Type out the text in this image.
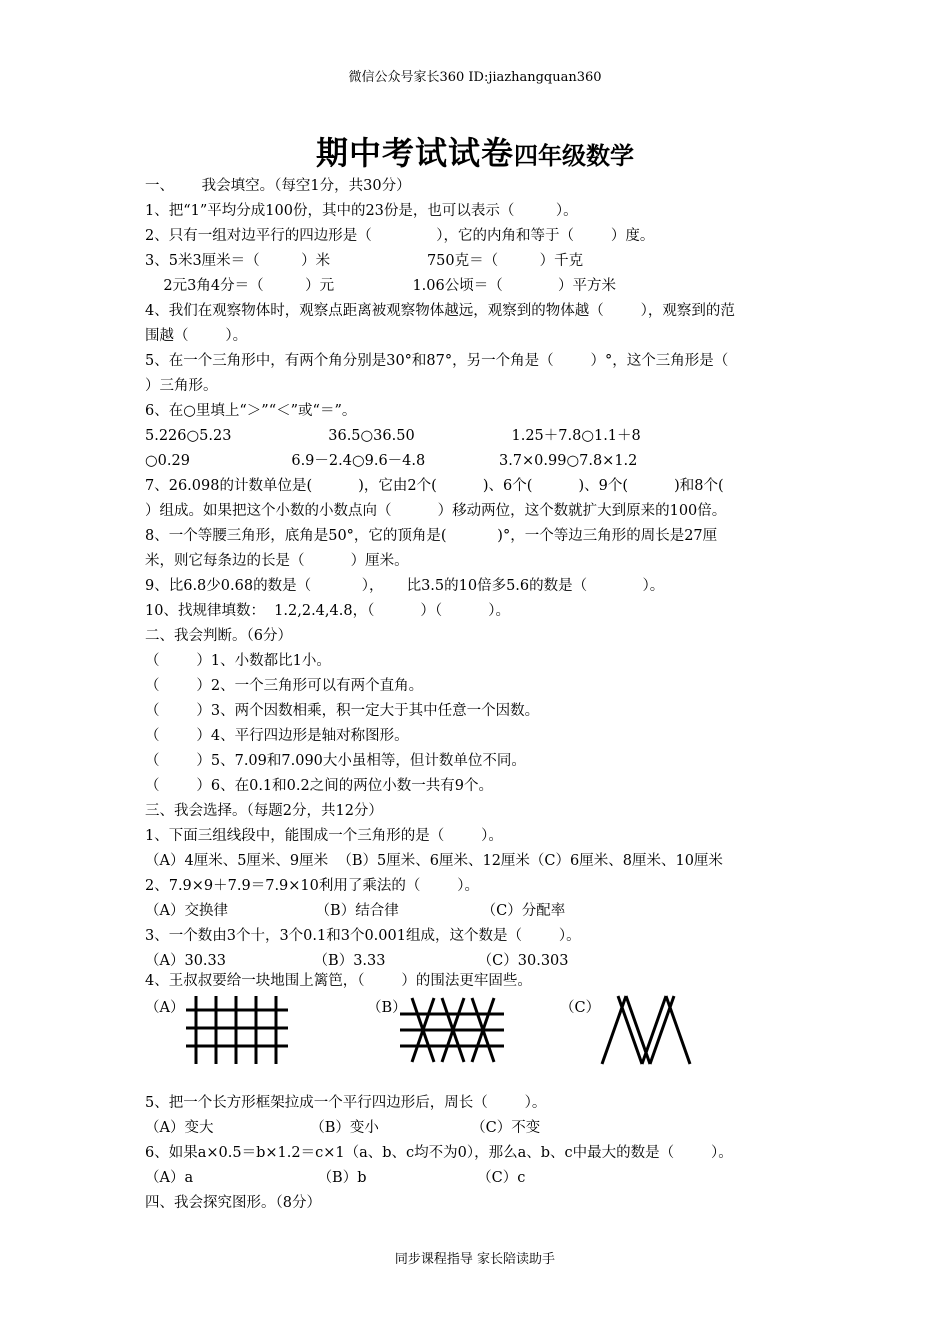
微信公众号家长360 ID:jiazhangquan360
期中考试试卷四年级数学
一、      我会填空。（每空1分，共30分）
1、把“1”平均分成100份，其中的23份是，也可以表示（         ）。
2、只有一组对边平行的四边形是（              ），它的内角和等于（        ）度。
3、5米3厘米＝（         ）米                     750克＝（         ）千克
2元3角4分＝（         ）元                 1.06公顷＝（            ）平方米
4、我们在观察物体时，观察点距离被观察物体越远，观察到的物体越（        ），观察到的范
围越（        ）。
5、在一个三角形中，有两个角分别是30°和87°，另一个角是（        ）°，这个三角形是（
）三角形。
6、在○里填上“＞”“＜”或“＝”。
5.226○5.23                     36.5○36.50                     1.25＋7.8○1.1＋8
○0.29                      6.9－2.4○9.6－4.8                3.7×0.99○7.8×1.2
7、26.098的计数单位是(          )，它由2个(          )、6个(          )、9个(          )和8个(
）组成。如果把这个小数的小数点向（          ）移动两位，这个数就扩大到原来的100倍。
8、一个等腰三角形，底角是50°，它的顶角是(           )°，一个等边三角形的周长是27厘
米，则它每条边的长是（          ）厘米。
9、比6.8少0.68的数是（           ），     比3.5的10倍多5.6的数是（            ）。
10、找规律填数：  1.2,2.4,4.8，（          ）（          ）。
二、我会判断。（6分）
（        ）1、小数都比1小。
（        ）2、一个三角形可以有两个直角。
（        ）3、两个因数相乘，积一定大于其中任意一个因数。
（        ）4、平行四边形是轴对称图形。
（        ）5、7.09和7.090大小虽相等，但计数单位不同。
（        ）6、在0.1和0.2之间的两位小数一共有9个。
三、我会选择。（每题2分，共12分）
1、下面三组线段中，能围成一个三角形的是（        ）。
（A）4厘米、5厘米、9厘米  （B）5厘米、6厘米、12厘米（C）6厘米、8厘米、10厘米
2、7.9×9＋7.9＝7.9×10利用了乘法的（        ）。
（A）交换律                   （B）结合律                  （C）分配率
3、一个数由3个十，3个0.1和3个0.001组成，这个数是（        ）。
（A）30.33                   （B）3.33                    （C）30.303
4、王叔叔要给一块地围上篱笆，（        ）的围法更牢固些。
（A）	（B）	（C）
5、把一个长方形框架拉成一个平行四边形后，周长（        ）。
（A）变大                     （B）变小                    （C）不变
6、如果a×0.5＝b×1.2＝c×1（a、b、c均不为0），那么a、b、c中最大的数是（        ）。
（A）a                           （B）b                        （C）c
四、我会探究图形。（8分）
同步课程指导 家长陪读助手
